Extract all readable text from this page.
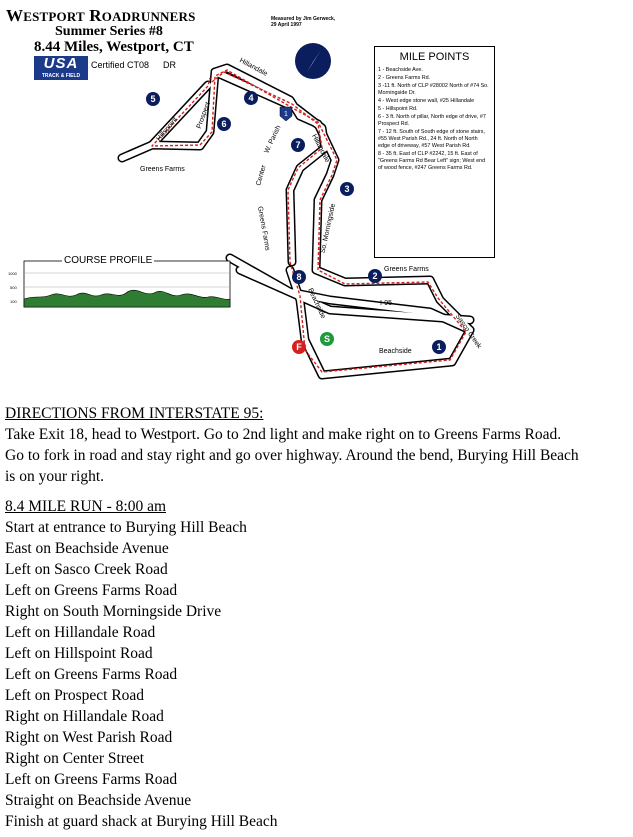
N
1
Hillandale
Hillspoint Prospect
Greens Farms
W. Parish	Hillandale
Center
Greens Farms	So. Morningside
Greens Farms
I-95
Beachside
Sasco Creek
Beachside	1
2
3
4
5
6
7
8
S
F
WESTPORT ROADRUNNERS
Summer Series #8
8.44 Miles, Westport, CT
USA
TRACK & FIELD
Certified CT08 DR
Measured by Jim Gerweck,
29 April 1997
MILE POINTS
1 - Beachside Ave.
2 - Greens Farms Rd.
3 -11 ft. North of CLP #28002 North of #74 So. Morningside Dr.
4 - West edge stone wall, #25 Hillandale
5 - Hillspoint Rd.
6 - 3 ft. North of pillar, North edge of drive, #7 Prospect Rd.
7 - 12 ft. South of South edge of stone stairs, #55 West Parish Rd., 24 ft. North of North edge of driveway, #57 West Parish Rd.
8 - 35 ft. East of CLP #2242, 15 ft. East of "Greens Farms Rd Bear Left" sign; West end of wood fence, #247 Greens Farms Rd.
1000
500
100
COURSE PROFILE
DIRECTIONS FROM INTERSTATE 95:
Take Exit 18, head to Westport. Go to 2nd light and make right on to Greens Farms Road.
Go to fork in road and stay right and go over highway. Around the bend, Burying Hill Beach
is on your right.
8.4 MILE RUN - 8:00 am
Start at entrance to Burying Hill Beach
East on Beachside Avenue
Left on Sasco Creek Road
Left on Greens Farms Road
Right on South Morningside Drive
Left on Hillandale Road
Left on Hillspoint Road
Left on Greens Farms Road
Left on Prospect Road
Right on Hillandale Road
Right on West Parish Road
Right on Center Street
Left on Greens Farms Road
Straight on Beachside Avenue
Finish at guard shack at Burying Hill Beach
